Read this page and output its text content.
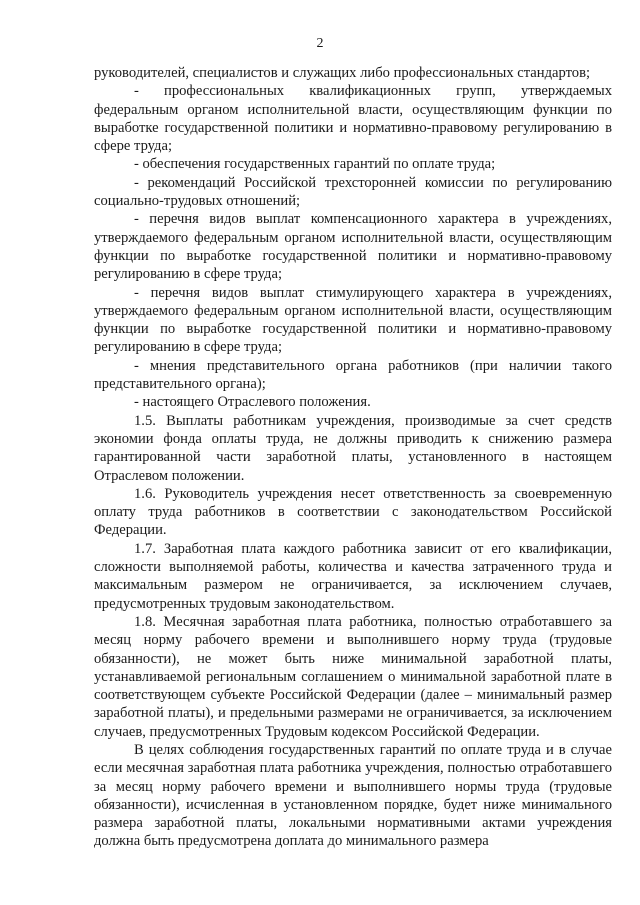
2

руководителей, специалистов и служащих либо профессиональных стандартов;

- профессиональных квалификационных групп, утверждаемых федеральным органом исполнительной власти, осуществляющим функции по выработке государственной политики и нормативно-правовому регулированию в сфере труда;

- обеспечения государственных гарантий по оплате труда;

- рекомендаций Российской трехсторонней комиссии по регулированию социально-трудовых отношений;

- перечня видов выплат компенсационного характера в учреждениях, утверждаемого федеральным органом исполнительной власти, осуществляющим функции по выработке государственной политики и нормативно-правовому регулированию в сфере труда;

- перечня видов выплат стимулирующего характера в учреждениях, утверждаемого федеральным органом исполнительной власти, осуществляющим функции по выработке государственной политики и нормативно-правовому регулированию в сфере труда;

- мнения представительного органа работников (при наличии такого представительного органа);

- настоящего Отраслевого положения.

1.5. Выплаты работникам учреждения, производимые за счет средств экономии фонда оплаты труда, не должны приводить к снижению размера гарантированной части заработной платы, установленного в настоящем Отраслевом положении.

1.6. Руководитель учреждения несет ответственность за своевременную оплату труда работников в соответствии с законодательством Российской Федерации.

1.7. Заработная плата каждого работника зависит от его квалификации, сложности выполняемой работы, количества и качества затраченного труда и максимальным размером не ограничивается, за исключением случаев, предусмотренных трудовым законодательством.

1.8. Месячная заработная плата работника, полностью отработавшего за месяц норму рабочего времени и выполнившего норму труда (трудовые обязанности), не может быть ниже минимальной заработной платы, устанавливаемой региональным соглашением о минимальной заработной плате в соответствующем субъекте Российской Федерации (далее – минимальный размер заработной платы), и предельными размерами не ограничивается, за исключением случаев, предусмотренных Трудовым кодексом Российской Федерации.

В целях соблюдения государственных гарантий по оплате труда и в случае если месячная заработная плата работника учреждения, полностью отработавшего за месяц норму рабочего времени и выполнившего нормы труда (трудовые обязанности), исчисленная в установленном порядке, будет ниже минимального размера заработной платы, локальными нормативными актами учреждения должна быть предусмотрена доплата до минимального размера
